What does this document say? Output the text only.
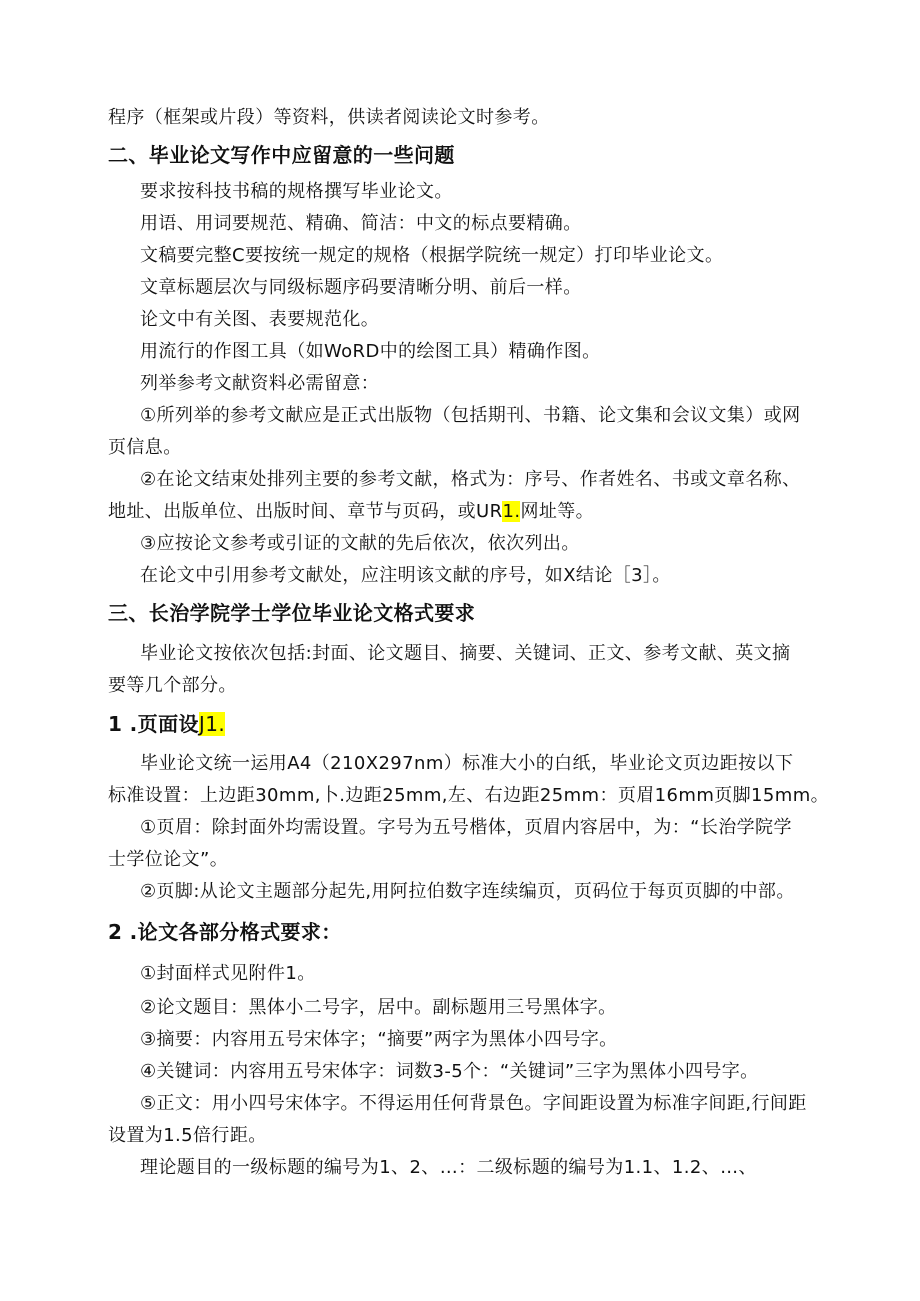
程序（框架或片段）等资料，供读者阅读论文时参考。
二、毕业论文写作中应留意的一些问题
要求按科技书稿的规格撰写毕业论文。
用语、用词要规范、精确、简洁：中文的标点要精确。
文稿要完整C要按统一规定的规格（根据学院统一规定）打印毕业论文。
文章标题层次与同级标题序码要清晰分明、前后一样。
论文中有关图、表要规范化。
用流行的作图工具（如WoRD中的绘图工具）精确作图。
列举参考文献资料必需留意：
①所列举的参考文献应是正式出版物（包括期刊、书籍、论文集和会议文集）或网
页信息。
②在论文结束处排列主要的参考文献，格式为：序号、作者姓名、书或文章名称、
地址、出版单位、出版时间、章节与页码，或UR1.网址等。
③应按论文参考或引证的文献的先后依次，依次列出。
在论文中引用参考文献处，应注明该文献的序号，如X结论［3］。
三、长治学院学士学位毕业论文格式要求
毕业论文按依次包括:封面、论文题目、摘要、关键词、正文、参考文献、英文摘
要等几个部分。
1 .页面设J1.
毕业论文统一运用A4（210X297nm）标准大小的白纸，毕业论文页边距按以下
标准设置：上边距30mm,卜.边距25mm,左、右边距25mm：页眉16mm页脚15mm。
①页眉：除封面外均需设置。字号为五号楷体，页眉内容居中，为：“长治学院学
士学位论文”。
②页脚:从论文主题部分起先,用阿拉伯数字连续编页，页码位于每页页脚的中部。
2 .论文各部分格式要求：
①封面样式见附件1。
②论文题目：黑体小二号字，居中。副标题用三号黑体字。
③摘要：内容用五号宋体字；“摘要”两字为黑体小四号字。
④关键词：内容用五号宋体字：词数3-5个：“关键词”三字为黑体小四号字。
⑤正文：用小四号宋体字。不得运用任何背景色。字间距设置为标准字间距,行间距
设置为1.5倍行距。
理论题目的一级标题的编号为1、2、…：二级标题的编号为1.1、1.2、…、
